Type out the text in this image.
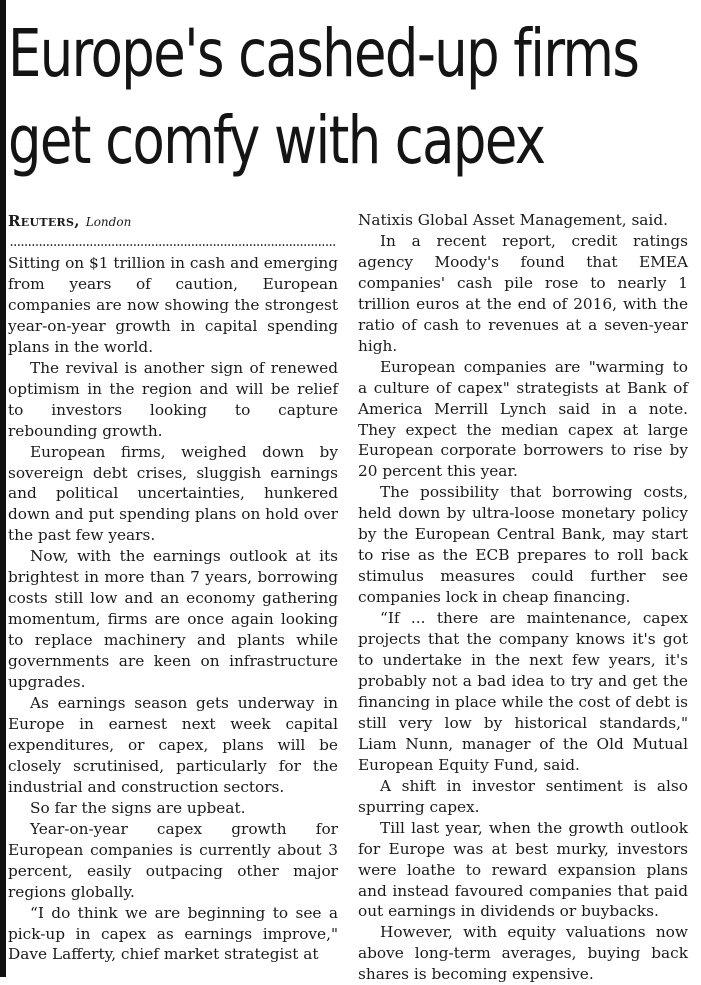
Europe's cashed-up firms
get comfy with capex

Reuters, London

..........................................................................................

Sitting on $1 trillion in cash and emerging from years of caution, European companies are now showing the strongest year-on-year growth in capital spending plans in the world.

The revival is another sign of renewed optimism in the region and will be relief to investors looking to capture rebounding growth.

European firms, weighed down by sovereign debt crises, sluggish earnings and political uncertainties, hunkered down and put spending plans on hold over the past few years.

Now, with the earnings outlook at its brightest in more than 7 years, borrowing costs still low and an economy gathering momentum, firms are once again looking to replace machinery and plants while governments are keen on infrastructure upgrades.

As earnings season gets underway in Europe in earnest next week capital expenditures, or capex, plans will be closely scrutinised, particularly for the industrial and construction sectors.

So far the signs are upbeat.

Year-on-year capex growth for European companies is currently about 3 percent, easily outpacing other major regions globally.

“I do think we are beginning to see a pick-up in capex as earnings improve," Dave Lafferty, chief market strategist at

Natixis Global Asset Management, said.

In a recent report, credit ratings agency Moody's found that EMEA companies' cash pile rose to nearly 1 trillion euros at the end of 2016, with the ratio of cash to revenues at a seven-year high.

European companies are "warming to a culture of capex" strategists at Bank of America Merrill Lynch said in a note. They expect the median capex at large European corporate borrowers to rise by 20 percent this year.

The possibility that borrowing costs, held down by ultra-loose monetary policy by the European Central Bank, may start to rise as the ECB prepares to roll back stimulus measures could further see companies lock in cheap financing.

“If ... there are maintenance, capex projects that the company knows it's got to undertake in the next few years, it's probably not a bad idea to try and get the financing in place while the cost of debt is still very low by historical standards," Liam Nunn, manager of the Old Mutual European Equity Fund, said.

A shift in investor sentiment is also spurring capex.

Till last year, when the growth outlook for Europe was at best murky, investors were loathe to reward expansion plans and instead favoured companies that paid out earnings in dividends or buybacks.

However, with equity valuations now above long-term averages, buying back shares is becoming expensive.
